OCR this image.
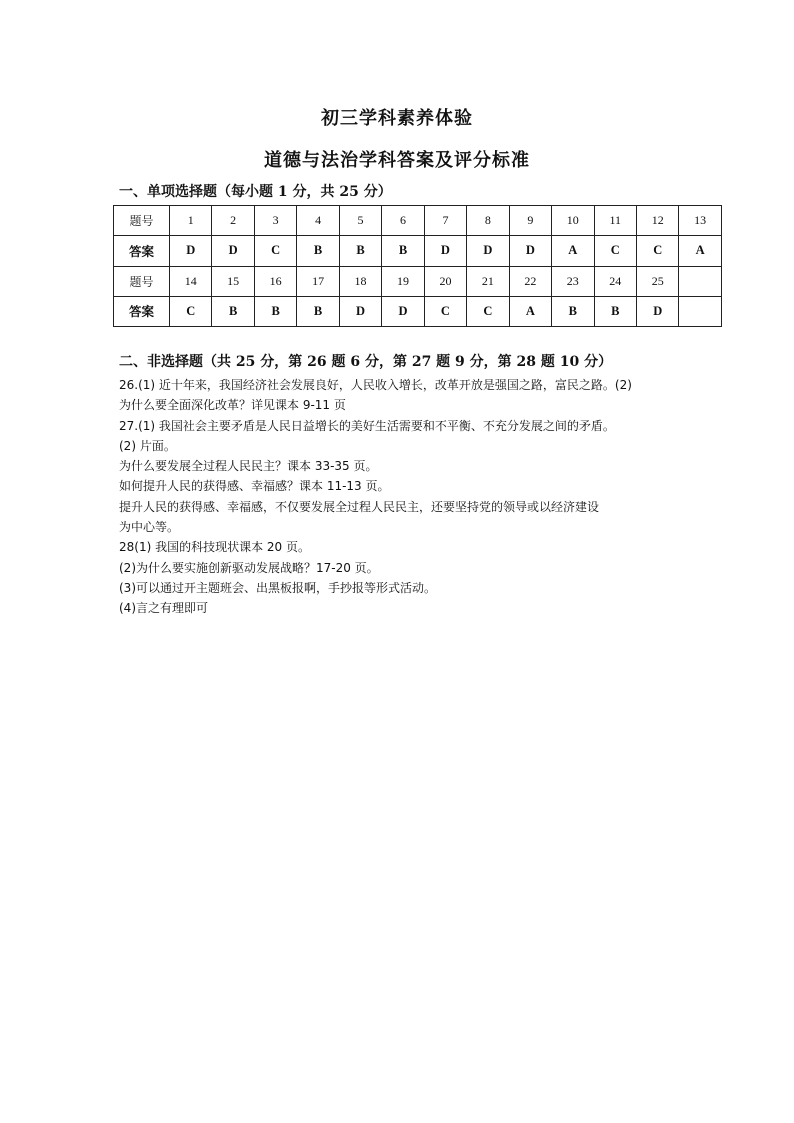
初三学科素养体验
道德与法治学科答案及评分标准
一、单项选择题（每小题 1 分，共 25 分）
题号	1	2	3	4	5	6	7	8	9	10	11	12	13
答案	D	D	C	B	B	B	D	D	D	A	C	C	A
题号	14	15	16	17	18	19	20	21	22	23	24	25	
答案	C	B	B	B	D	D	C	C	A	B	B	D	
二、非选择题（共 25 分，第 26 题 6 分，第 27 题 9 分，第 28 题 10 分）
26.(1) 近十年来，我国经济社会发展良好，人民收入增长，改革开放是强国之路，富民之路。(2)
为什么要全面深化改革？详见课本 9-11 页
27.(1) 我国社会主要矛盾是人民日益增长的美好生活需要和不平衡、不充分发展之间的矛盾。
(2) 片面。
为什么要发展全过程人民民主？课本 33-35 页。
如何提升人民的获得感、幸福感？课本 11-13 页。
提升人民的获得感、幸福感，不仅要发展全过程人民民主，还要坚持党的领导或以经济建设
为中心等。
28(1) 我国的科技现状课本 20 页。
(2)为什么要实施创新驱动发展战略？17-20 页。
(3)可以通过开主题班会、出黑板报啊，手抄报等形式活动。
(4)言之有理即可
